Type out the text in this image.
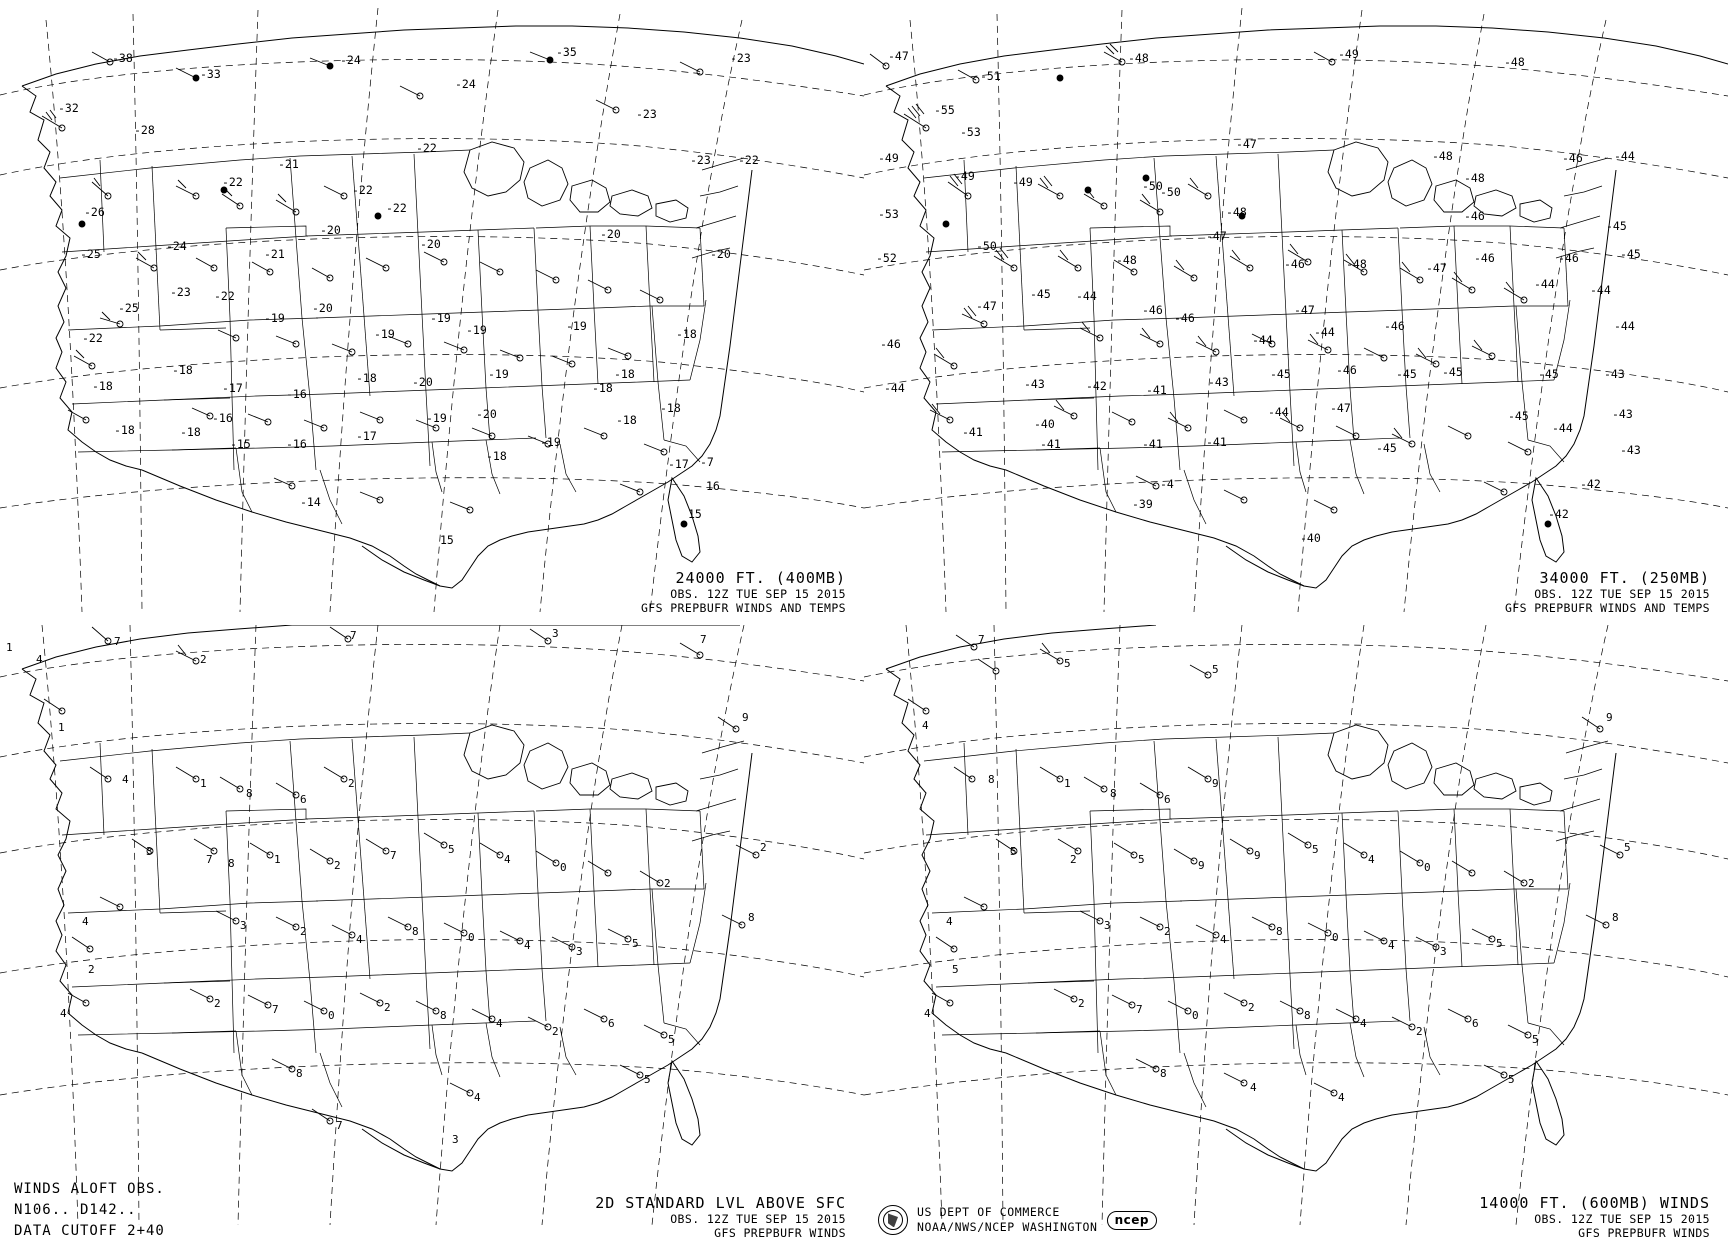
-38
-33
-32
-28
-26
-25
-24
-24
-35
-23
-23
-21
-22
-22
-22
-22
-23 -22
-24
-21
-20
-20
-20
-20
-25
-23 -22
-19
-20
-19
-19
-19	-19
-18
-22
-18
-17	-16
-18	-20
-19
-18
-18
-18
-18	-18
-16
-15	-16
-17
-19	-20	-18
-18
-19
-18
-14
15
-17 -7
16
15
24000 FT. (400MB)
OBS. 12Z TUE SEP 15 2015
GFS PREPBUFR WINDS AND TEMPS
-47
-51
-48	-49
-48
-55
-53
-49
-47
-48	-46	-44
-49	-49	-50
-48
-53
-50
-48	-46
-45
-52
-50
-48
-47
-46	-48	-47
-46	-46	-45
-47
-45 -44
-46
-46
-44
-47
-44	-46
-44	-44
-44
-46
-44	-43	-42	-41
-43
-45	-46	-45 -45	-45	-43
-43
-41
-40
-41	-41	-41
-44	-47
-45
-44
-45	-43
-39
-40
-42
-42
-4
34000 FT. (250MB)
OBS. 12Z TUE SEP 15 2015
GFS PREPBUFR WINDS AND TEMPS
1
4
7
2
7	3
1
4
3
4
2
4
1
8	6
2
7 8	1	2
7	5
4
0
2
3	2
4
8	0
4	3
5
2	7	0
2
8
4
2
6
5
8
7
4
5
3
7
9
2
8
WINDS ALOFT OBS.
N106.. D142..
DATA CUTOFF 2+40
2D STANDARD LVL ABOVE SFC
OBS. 12Z TUE SEP 15 2015
GFS PREPBUFR WINDS
7
5	5
4
8
5
4
5
4
1
8	6
9
2	5	9
9	5
4
0
2
3	2
4
8	0
4	3
5
2	7	0
2
8
4
2
6
5
8
4
4
5
9
5
8
US DEPT OF COMMERCE
NOAA/NWS/NCEP WASHINGTON
ncep
14000 FT. (600MB) WINDS
OBS. 12Z TUE SEP 15 2015
GFS PREPBUFR WINDS
